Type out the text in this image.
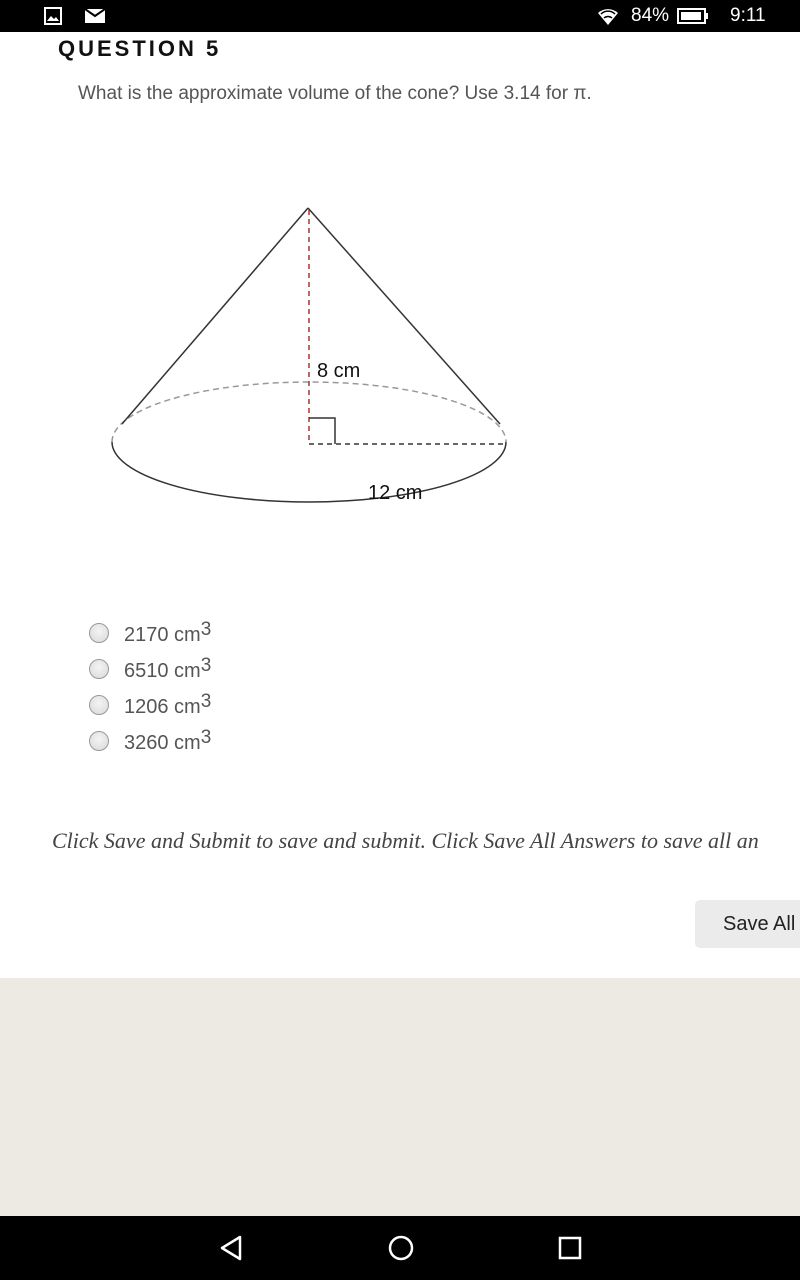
84%	9:11
QUESTION 5
What is the approximate volume of the cone? Use 3.14 for π.
8 cm
12 cm
2170 $cm^3$
6510 $cm^3$
1206 $cm^3$
3260 $cm^3$
Click Save and Submit to save and submit. Click Save All Answers to save all an
Save All
